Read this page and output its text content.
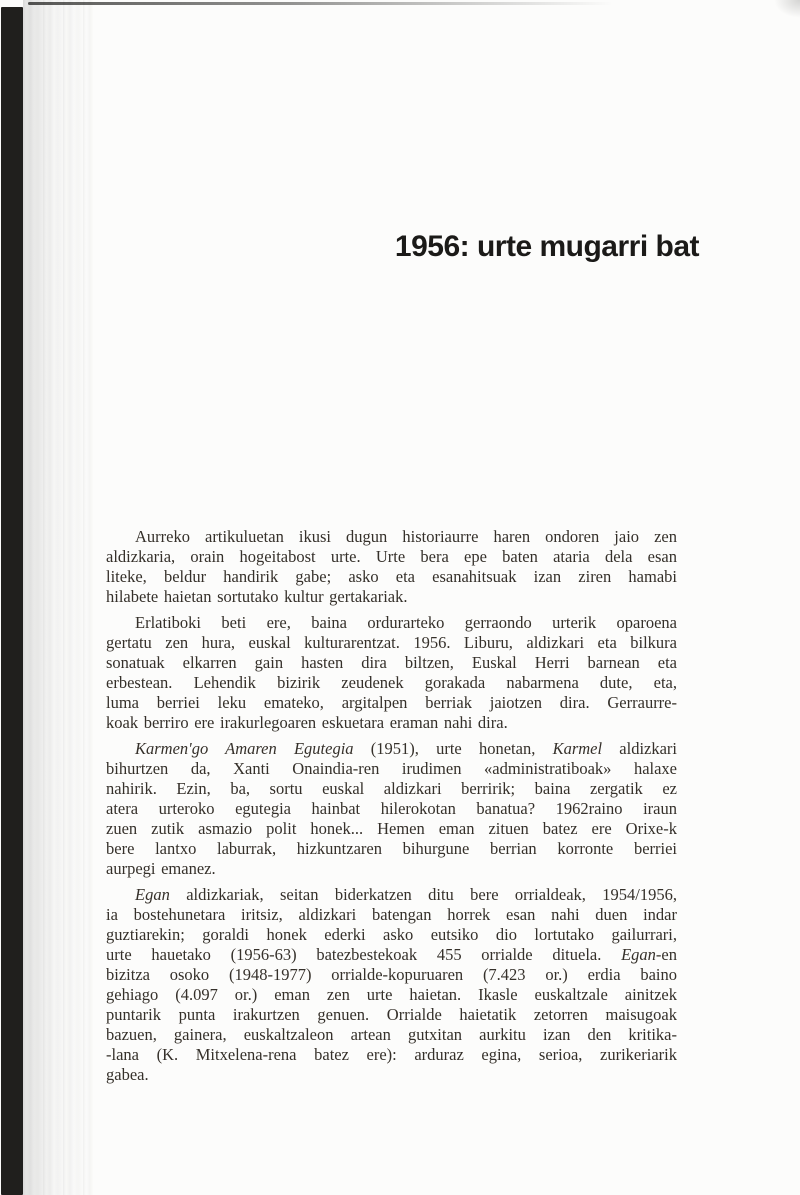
1956: urte mugarri bat
Aurreko artikuluetan ikusi dugun historiaurre haren ondoren jaio zen
aldizkaria, orain hogeitabost urte. Urte bera epe baten ataria dela esan
liteke, beldur handirik gabe; asko eta esanahitsuak izan ziren hamabi
hilabete haietan sortutako kultur gertakariak.
Erlatiboki beti ere, baina ordurarteko gerraondo urterik oparoena
gertatu zen hura, euskal kulturarentzat. 1956. Liburu, aldizkari eta bilkura
sonatuak elkarren gain hasten dira biltzen, Euskal Herri barnean eta
erbestean. Lehendik bizirik zeudenek gorakada nabarmena dute, eta,
luma berriei leku emateko, argitalpen berriak jaiotzen dira. Gerraurre-
koak berriro ere irakurlegoaren eskuetara eraman nahi dira.
Karmen'go Amaren Egutegia (1951), urte honetan, Karmel aldizkari
bihurtzen da, Xanti Onaindia-ren irudimen «administratiboak» halaxe
nahirik. Ezin, ba, sortu euskal aldizkari berririk; baina zergatik ez
atera urteroko egutegia hainbat hilerokotan banatua? 1962raino iraun
zuen zutik asmazio polit honek... Hemen eman zituen batez ere Orixe-k
bere lantxo laburrak, hizkuntzaren bihurgune berrian korronte berriei
aurpegi emanez.
Egan aldizkariak, seitan biderkatzen ditu bere orrialdeak, 1954/1956,
ia bostehunetara iritsiz, aldizkari batengan horrek esan nahi duen indar
guztiarekin; goraldi honek ederki asko eutsiko dio lortutako gailurrari,
urte hauetako (1956-63) batezbestekoak 455 orrialde dituela. Egan-en
bizitza osoko (1948-1977) orrialde-kopuruaren (7.423 or.) erdia baino
gehiago (4.097 or.) eman zen urte haietan. Ikasle euskaltzale ainitzek
puntarik punta irakurtzen genuen. Orrialde haietatik zetorren maisugoak
bazuen, gainera, euskaltzaleon artean gutxitan aurkitu izan den kritika-
-lana (K. Mitxelena-rena batez ere): arduraz egina, serioa, zurikeriarik
gabea.
